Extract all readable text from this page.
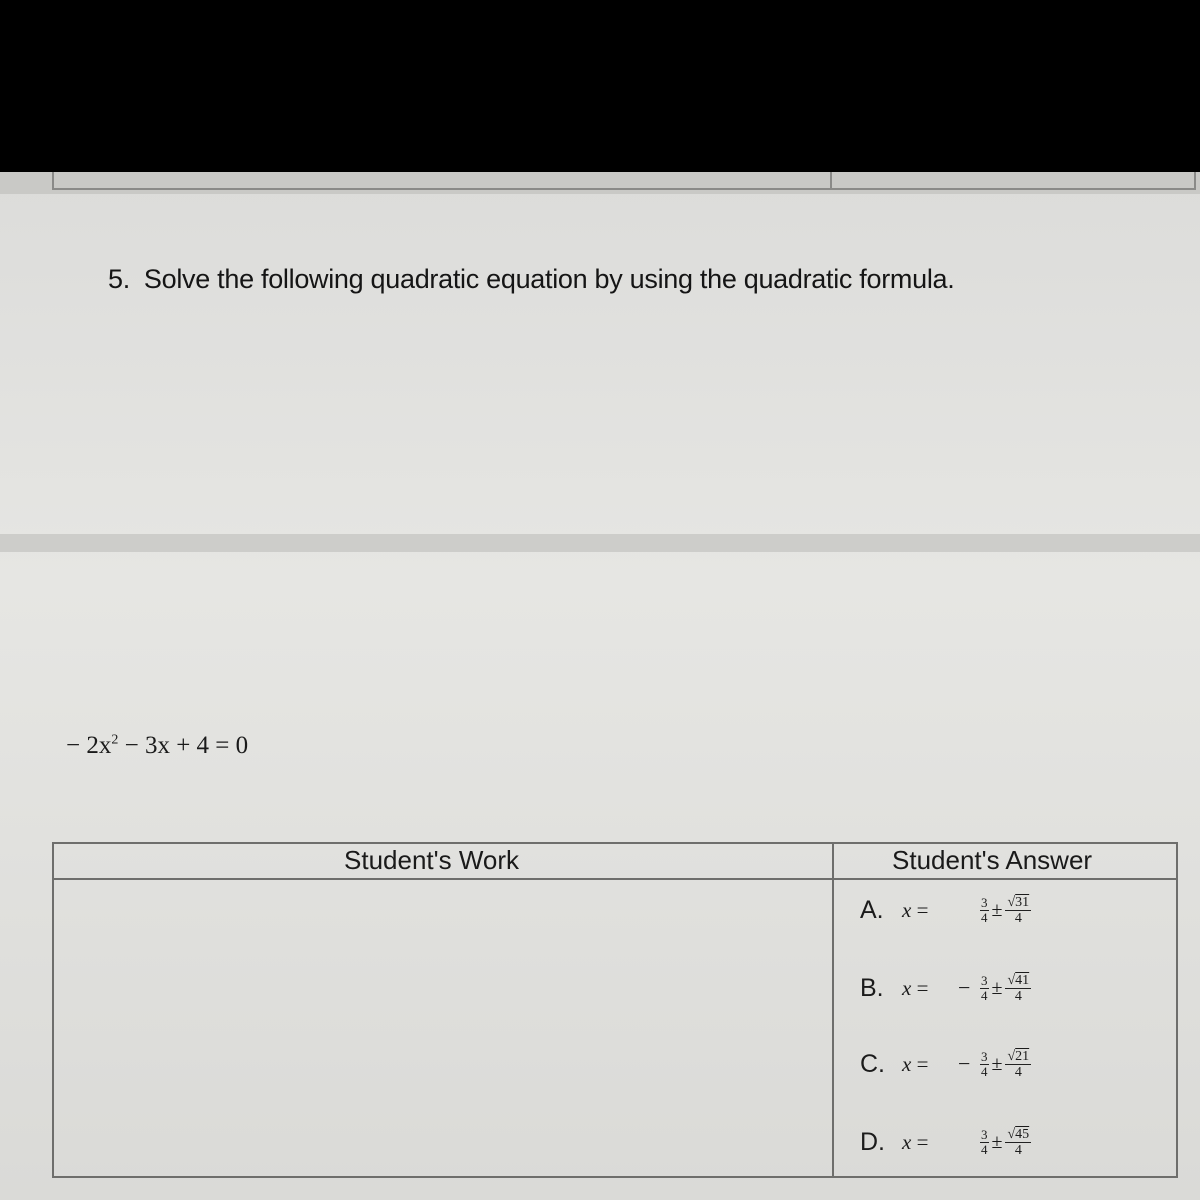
5. Solve the following quadratic equation by using the quadratic formula.
− $2x^2 - 3x + 4 = 0$
Student's Work	Student's Answer
A. x =	$\frac{3}{4} \pm \frac{√31}{4}$
B. x =	− $\frac{3}{4} \pm \frac{√41}{4}$
C. x =	− $\frac{3}{4} \pm \frac{√21}{4}$
D. x =	$\frac{3}{4} \pm \frac{√45}{4}$
